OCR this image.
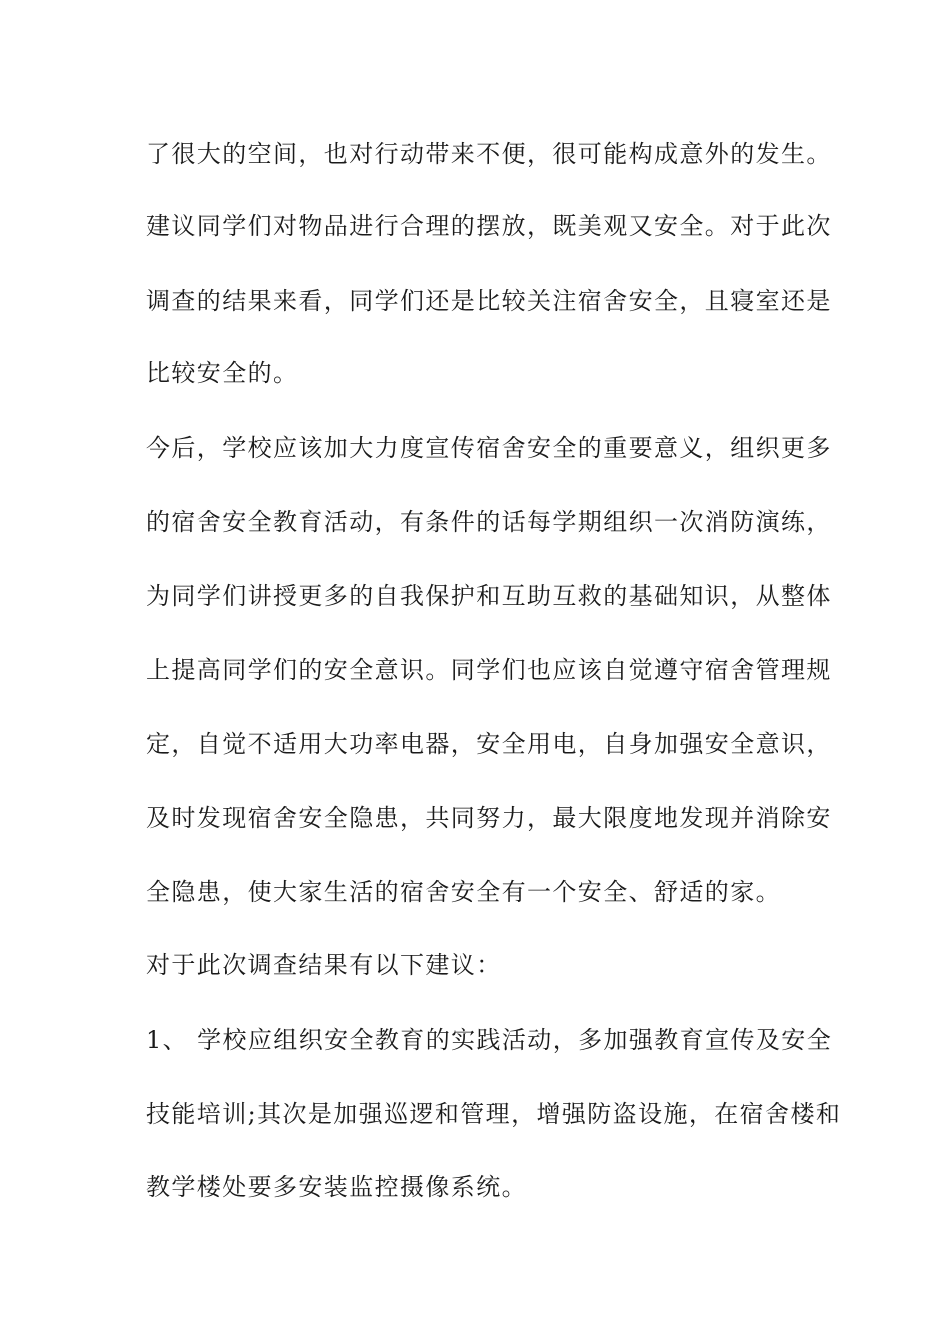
了很大的空间，也对行动带来不便，很可能构成意外的发生。
建议同学们对物品进行合理的摆放，既美观又安全。对于此次
调查的结果来看，同学们还是比较关注宿舍安全，且寝室还是
比较安全的。
今后，学校应该加大力度宣传宿舍安全的重要意义，组织更多
的宿舍安全教育活动，有条件的话每学期组织一次消防演练，
为同学们讲授更多的自我保护和互助互救的基础知识，从整体
上提高同学们的安全意识。同学们也应该自觉遵守宿舍管理规
定，自觉不适用大功率电器，安全用电，自身加强安全意识，
及时发现宿舍安全隐患，共同努力，最大限度地发现并消除安
全隐患，使大家生活的宿舍安全有一个安全、舒适的家。
对于此次调查结果有以下建议：
1、 学校应组织安全教育的实践活动，多加强教育宣传及安全
技能培训;其次是加强巡逻和管理，增强防盗设施，在宿舍楼和
教学楼处要多安装监控摄像系统。
